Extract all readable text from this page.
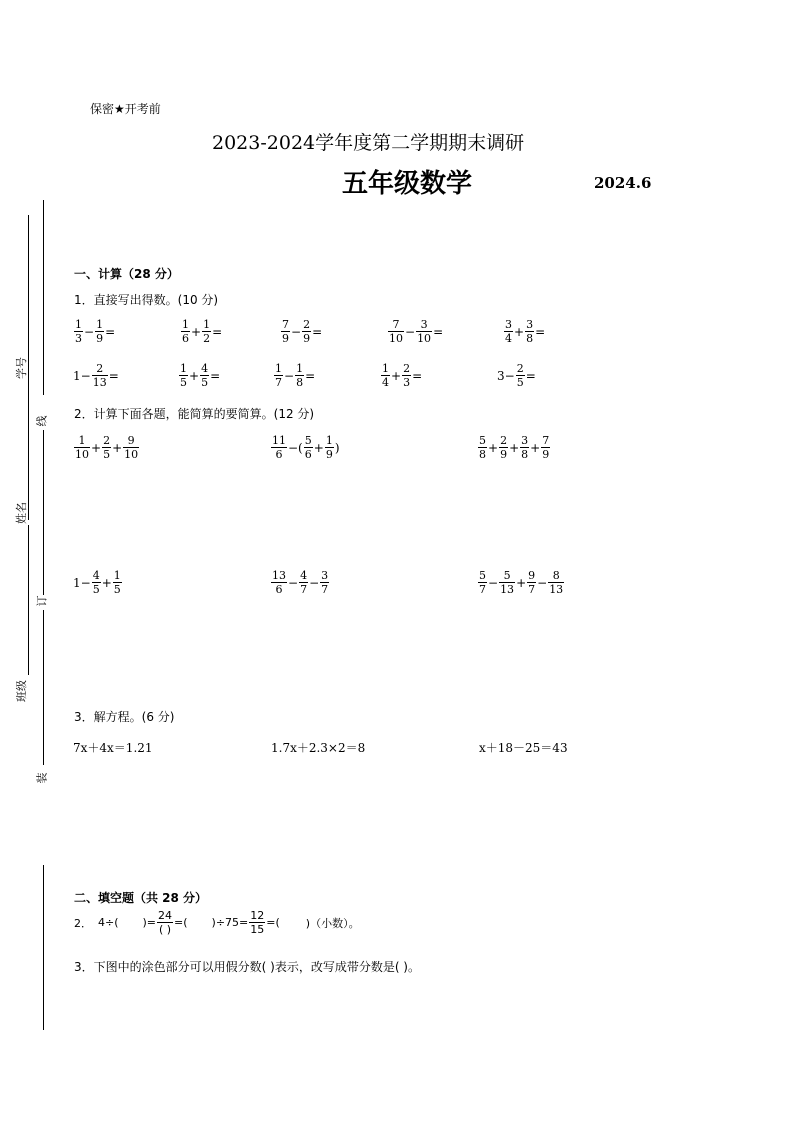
保密★开考前
2023-2024学年度第二学期期末调研
五年级数学	2024.6
学号
线
姓名
订
班级
装
一、计算（28 分）
1．直接写出得数。(10 分)
$\frac{1}{3} - \frac{1}{9}$ =	$\frac{1}{6} + \frac{1}{2}$ =	$\frac{7}{9} - \frac{2}{9}$ =	$\frac{7}{10} - \frac{3}{10}$ =	$\frac{3}{4} + \frac{3}{8}$ =
$1- \frac{2}{13}$ =	$\frac{1}{5} + \frac{4}{5}$ =	$\frac{1}{7} - \frac{1}{8}$ =	$\frac{1}{4} + \frac{2}{3}$ =	$3- \frac{2}{5}$ =
2．计算下面各题，能简算的要简算。(12 分)
$\frac{1}{10} + \frac{2}{5} + \frac{9}{10}$	$\frac{11}{6}$ −( $\frac{5}{6} + \frac{1}{9}$ )	$\frac{5}{8} + \frac{2}{9} + \frac{3}{8} + \frac{7}{9}$
$1- \frac{4}{5} + \frac{1}{5}$	$\frac{13}{6} - \frac{4}{7} - \frac{3}{7}$	$\frac{5}{7} - \frac{5}{13} + \frac{9}{7} - \frac{8}{13}$
3．解方程。(6 分)
7x＋4x＝1.21	1.7x＋2.3×2＝8	x＋18－25＝43
二、填空题（共 28 分）
2． 4÷( )= $\frac{24}{( )}$ =( )$\div 75= \frac{12}{15}$ =( )（小数）。
3．下图中的涂色部分可以用假分数( )表示，改写成带分数是( )。
